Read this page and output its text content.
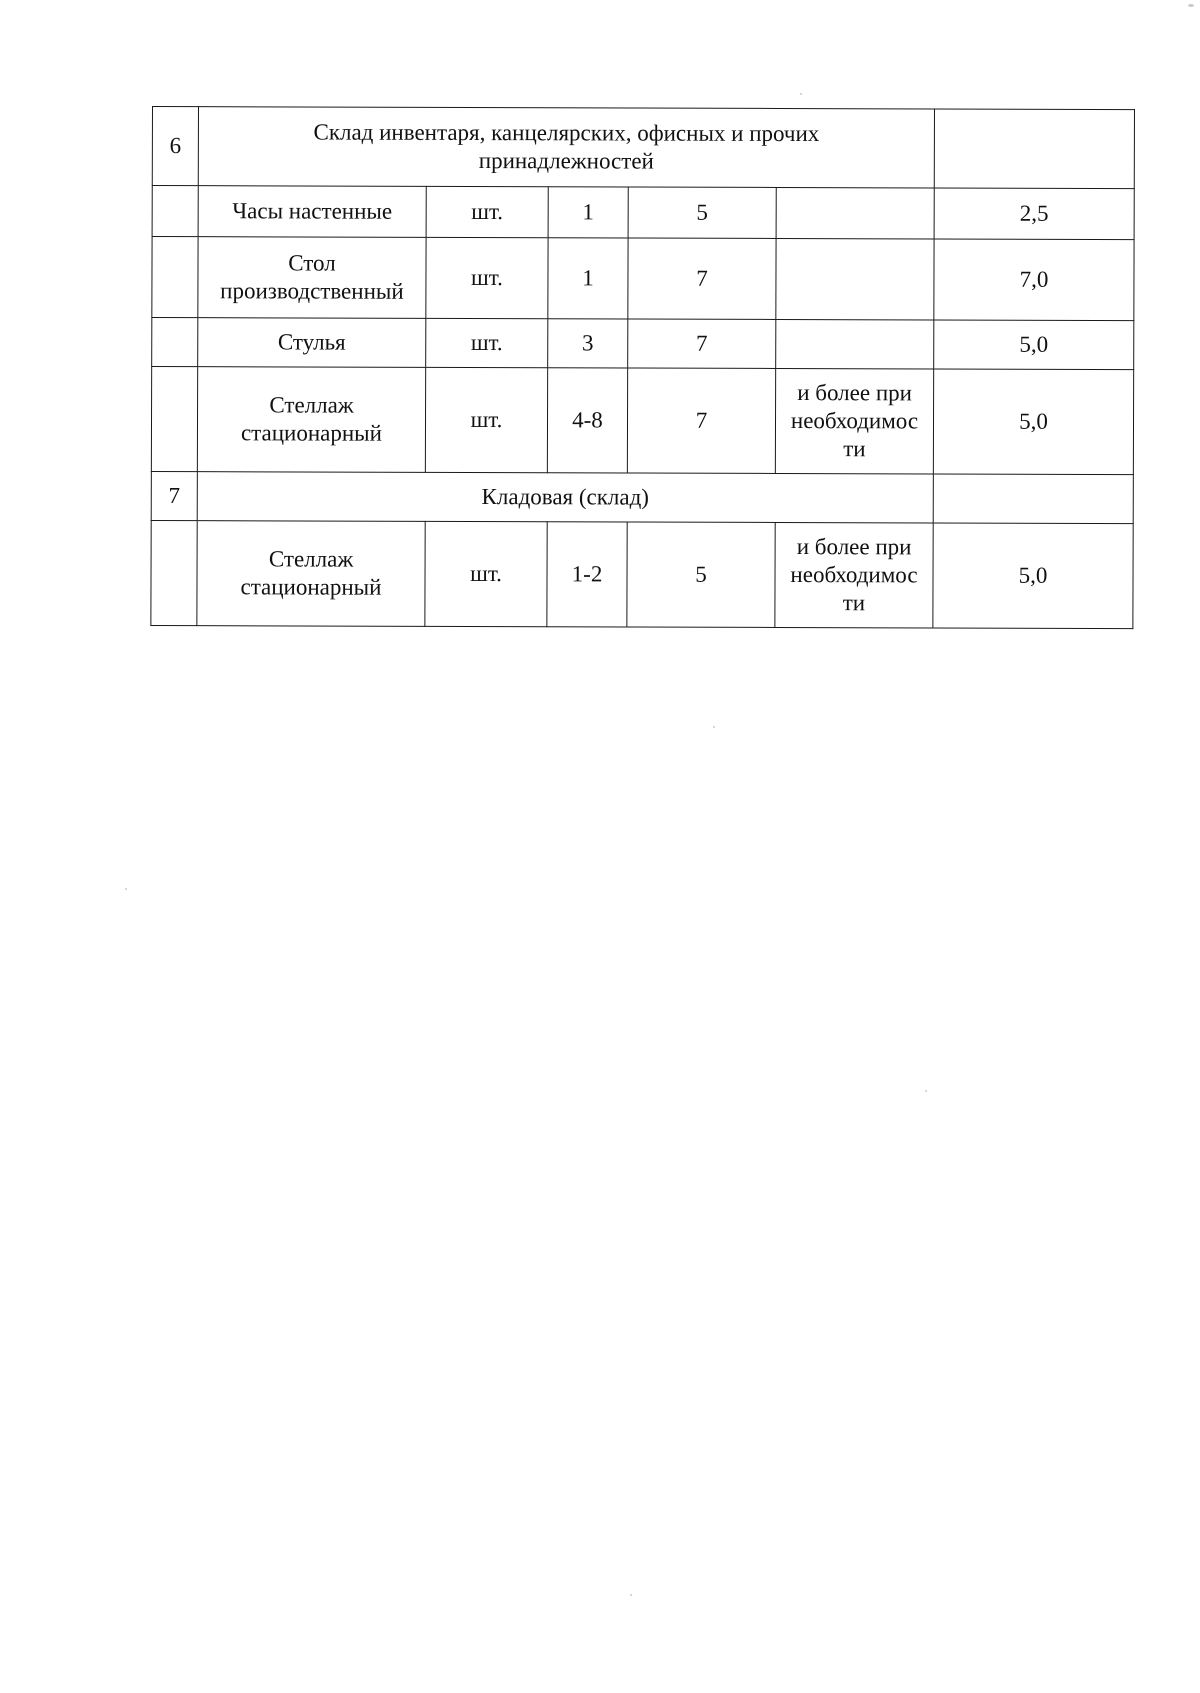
6	Склад инвентаря, канцелярских, офисных и прочих принадлежностей					
	Часы настенные	шт.	1	5		2,5
	Стол
производственный	шт.	1	7		7,0
	Стулья	шт.	3	7		5,0
	Стеллаж
стационарный	шт.	4-8	7	и более при
необходимос
ти	5,0
7	Кладовая (склад)					
	Стеллаж
стационарный	шт.	1-2	5	и более при
необходимос
ти	5,0
